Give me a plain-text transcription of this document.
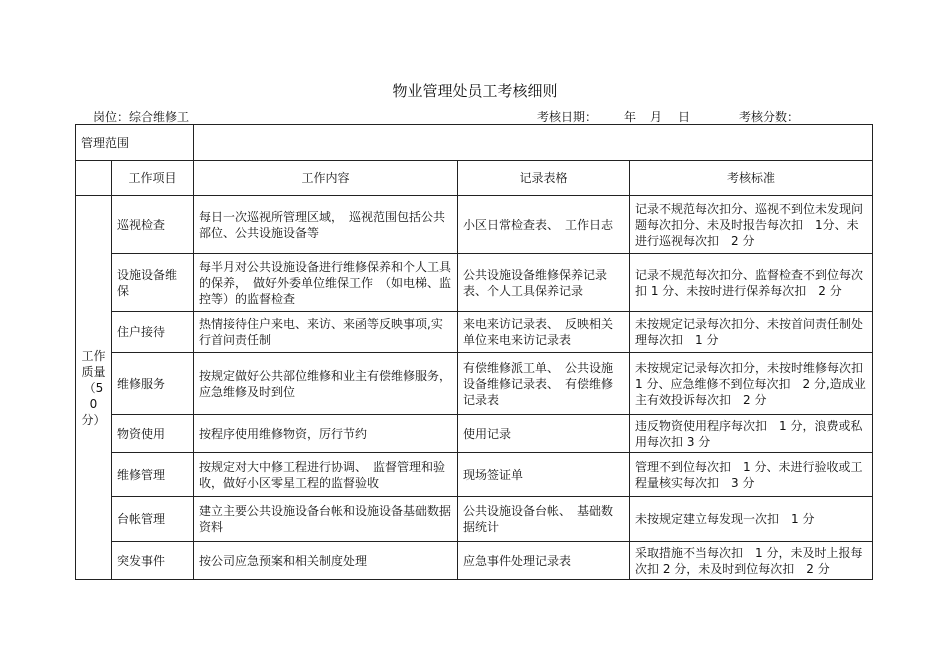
物业管理处员工考核细则
岗位：综合维修工	考核日期： 年 月 日	考核分数：
管理范围				
	工作项目	工作内容	记录表格	考核标准
工作质量（50分）	巡视检查	每日一次巡视所管理区域，　巡视范围包括公共部位、公共设施设备等	小区日常检查表、　工作日志	记录不规范每次扣分、巡视不到位未发现问题每次扣分、未及时报告每次扣　1分、未进行巡视每次扣　2 分
	设施设备维保	每半月对公共设施设备进行维修保养和个人工具的保养，　做好外委单位维保工作　（如电梯、监控等）的监督检查	公共设施设备维修保养记录表、个人工具保养记录	记录不规范每次扣分、监督检查不到位每次扣 1 分、未按时进行保养每次扣　2 分
	住户接待	热情接待住户来电、来访、来函等反映事项,实行首问责任制	来电来访记录表、　反映相关单位来电来访记录表	未按规定记录每次扣分、未按首问责任制处理每次扣　1 分
	维修服务	按规定做好公共部位维修和业主有偿维修服务，应急维修及时到位	有偿维修派工单、　公共设施设备维修记录表、　有偿维修记录表	未按规定记录每次扣分，未按时维修每次扣 1 分、应急维修不到位每次扣　2 分,造成业主有效投诉每次扣　2 分
	物资使用	按程序使用维修物资，厉行节约	使用记录	违反物资使用程序每次扣　1 分，浪费或私用每次扣 3 分
	维修管理	按规定对大中修工程进行协调、　监督管理和验收，做好小区零星工程的监督验收	现场签证单	管理不到位每次扣　1 分、未进行验收或工程量核实每次扣　3 分
	台帐管理	建立主要公共设施设备台帐和设施设备基础数据资料	公共设施设备台帐、　基础数据统计	未按规定建立每发现一次扣　1 分
	突发事件	按公司应急预案和相关制度处理	应急事件处理记录表	采取措施不当每次扣　1 分，未及时上报每次扣 2 分，未及时到位每次扣　2 分
